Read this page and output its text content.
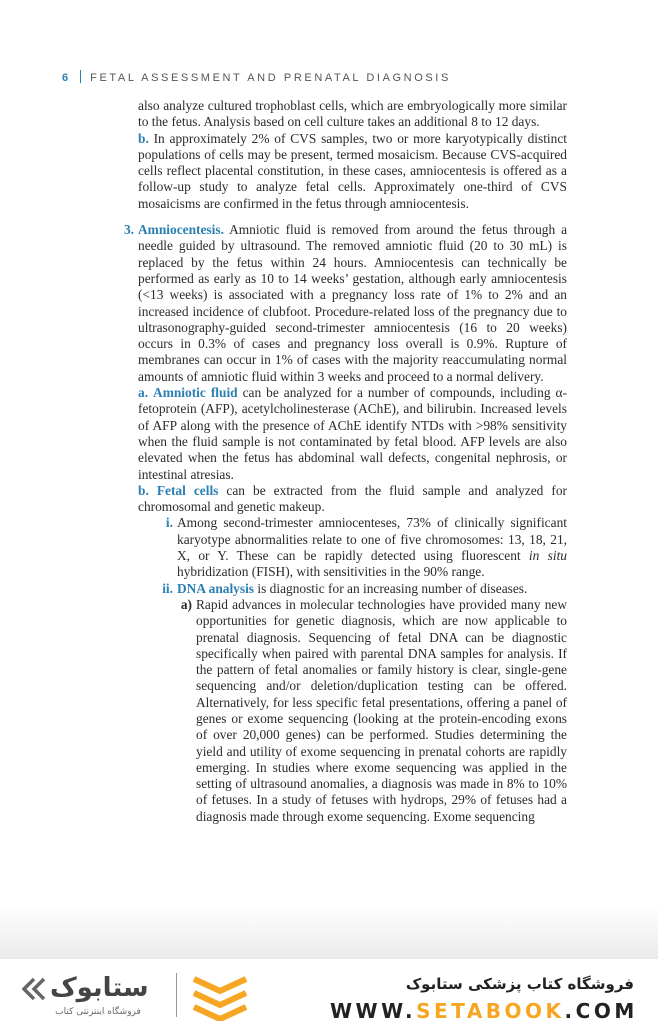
6 FETAL ASSESSMENT AND PRENATAL DIAGNOSIS

also analyze cultured trophoblast cells, which are embryologically more similar to the fetus. Analysis based on cell culture takes an additional 8 to 12 days.

b. In approximately 2% of CVS samples, two or more karyotypically distinct populations of cells may be present, termed mosaicism. Because CVS-acquired cells reflect placental constitution, in these cases, amniocentesis is offered as a follow-up study to analyze fetal cells. Approximately one-third of CVS mosaicisms are confirmed in the fetus through amniocentesis.

3. Amniocentesis. Amniotic fluid is removed from around the fetus through a needle guided by ultrasound. The removed amniotic fluid (20 to 30 mL) is replaced by the fetus within 24 hours. Amniocentesis can technically be performed as early as 10 to 14 weeks’ gestation, although early amniocentesis (<13 weeks) is associated with a pregnancy loss rate of 1% to 2% and an increased incidence of clubfoot. Procedure-related loss of the pregnancy due to ultrasonography-guided second-trimester amniocentesis (16 to 20 weeks) occurs in 0.3% of cases and pregnancy loss overall is 0.9%. Rupture of membranes can occur in 1% of cases with the majority reaccumulating normal amounts of amniotic fluid within 3 weeks and proceed to a normal delivery.

a. Amniotic fluid can be analyzed for a number of compounds, including α-fetoprotein (AFP), acetylcholinesterase (AChE), and bilirubin. Increased levels of AFP along with the presence of AChE identify NTDs with >98% sensitivity when the fluid sample is not contaminated by fetal blood. AFP levels are also elevated when the fetus has abdominal wall defects, congenital nephrosis, or intestinal atresias.

b. Fetal cells can be extracted from the fluid sample and analyzed for chromosomal and genetic makeup.

i. Among second-trimester amniocenteses, 73% of clinically significant karyotype abnormalities relate to one of five chromosomes: 13, 18, 21, X, or Y. These can be rapidly detected using fluorescent in situ hybridization (FISH), with sensitivities in the 90% range.

ii. DNA analysis is diagnostic for an increasing number of diseases.

a) Rapid advances in molecular technologies have provided many new opportunities for genetic diagnosis, which are now applicable to prenatal diagnosis. Sequencing of fetal DNA can be diagnostic specifically when paired with parental DNA samples for analysis. If the pattern of fetal anomalies or family history is clear, single-gene sequencing and/or deletion/duplication testing can be offered. Alternatively, for less specific fetal presentations, offering a panel of genes or exome sequencing (looking at the protein-encoding exons of over 20,000 genes) can be performed. Studies determining the yield and utility of exome sequencing in prenatal cohorts are rapidly emerging. In studies where exome sequencing was applied in the setting of ultrasound anomalies, a diagnosis was made in 8% to 10% of fetuses. In a study of fetuses with hydrops, 29% of fetuses had a diagnosis made through exome sequencing. Exome sequencing

ستابوک
فروشگاه اینترنتی کتاب
فروشگاه کتاب پزشکی ستابوک
WWW.SETABOOK.COM
